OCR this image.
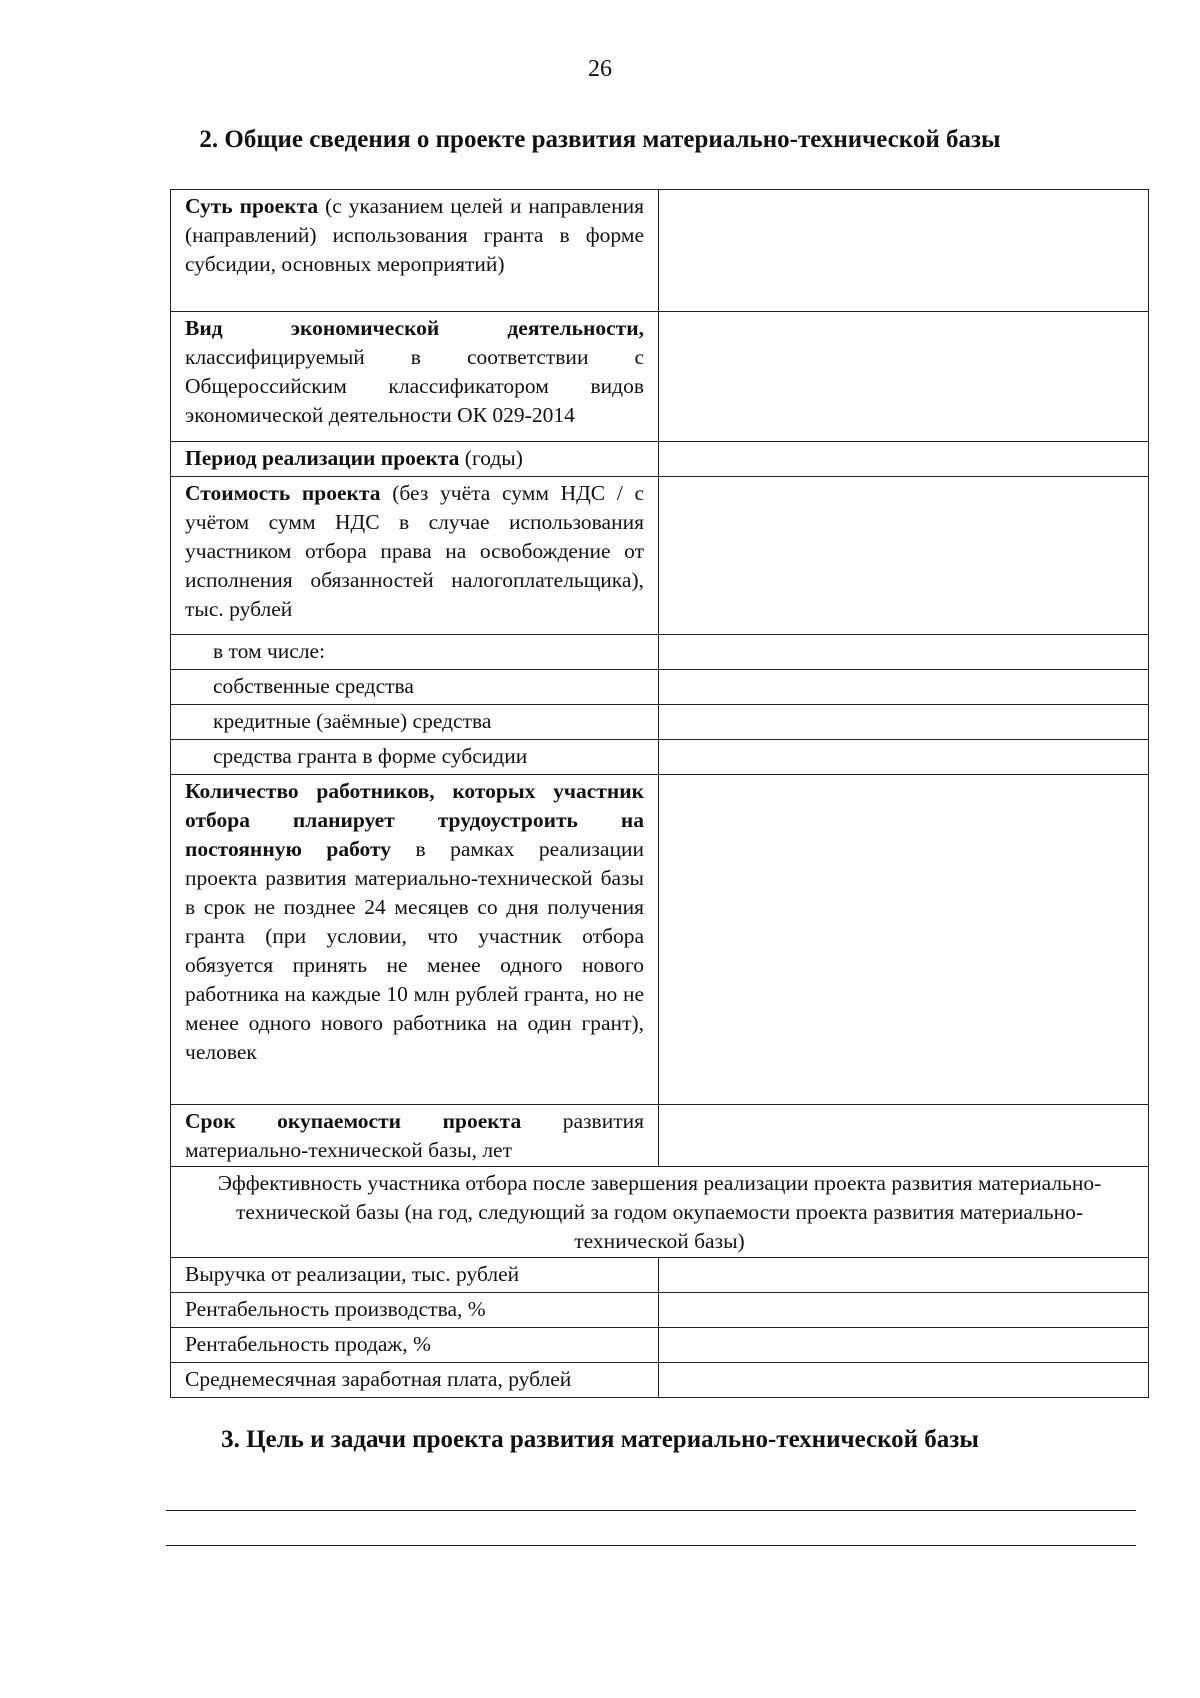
26
2. Общие сведения о проекте развития материально-технической базы
Суть проекта (с указанием целей и направления (направлений) использования гранта в форме субсидии, основных мероприятий)	
Вид экономической деятельности, классифицируемый в соответствии с Общероссийским классификатором видов экономической деятельности ОК 029-2014	
Период реализации проекта (годы)	
Стоимость проекта (без учёта сумм НДС / с учётом сумм НДС в случае использования участником отбора права на освобождение от исполнения обязанностей налогоплательщика), тыс. рублей	
в том числе:	
собственные средства	
кредитные (заёмные) средства	
средства гранта в форме субсидии	
Количество работников, которых участник отбора планирует трудоустроить на постоянную работу в рамках реализации проекта развития материально-технической базы в срок не позднее 24 месяцев со дня получения гранта (при условии, что участник отбора обязуется принять не менее одного нового работника на каждые 10 млн рублей гранта, но не менее одного нового работника на один грант), человек	
Срок окупаемости проекта развития материально-технической базы, лет	
Эффективность участника отбора после завершения реализации проекта развития материально-технической базы (на год, следующий за годом окупаемости проекта развития материально-технической базы)	
Выручка от реализации, тыс. рублей	
Рентабельность производства, %	
Рентабельность продаж, %	
Среднемесячная заработная плата, рублей	
3. Цель и задачи проекта развития материально-технической базы
